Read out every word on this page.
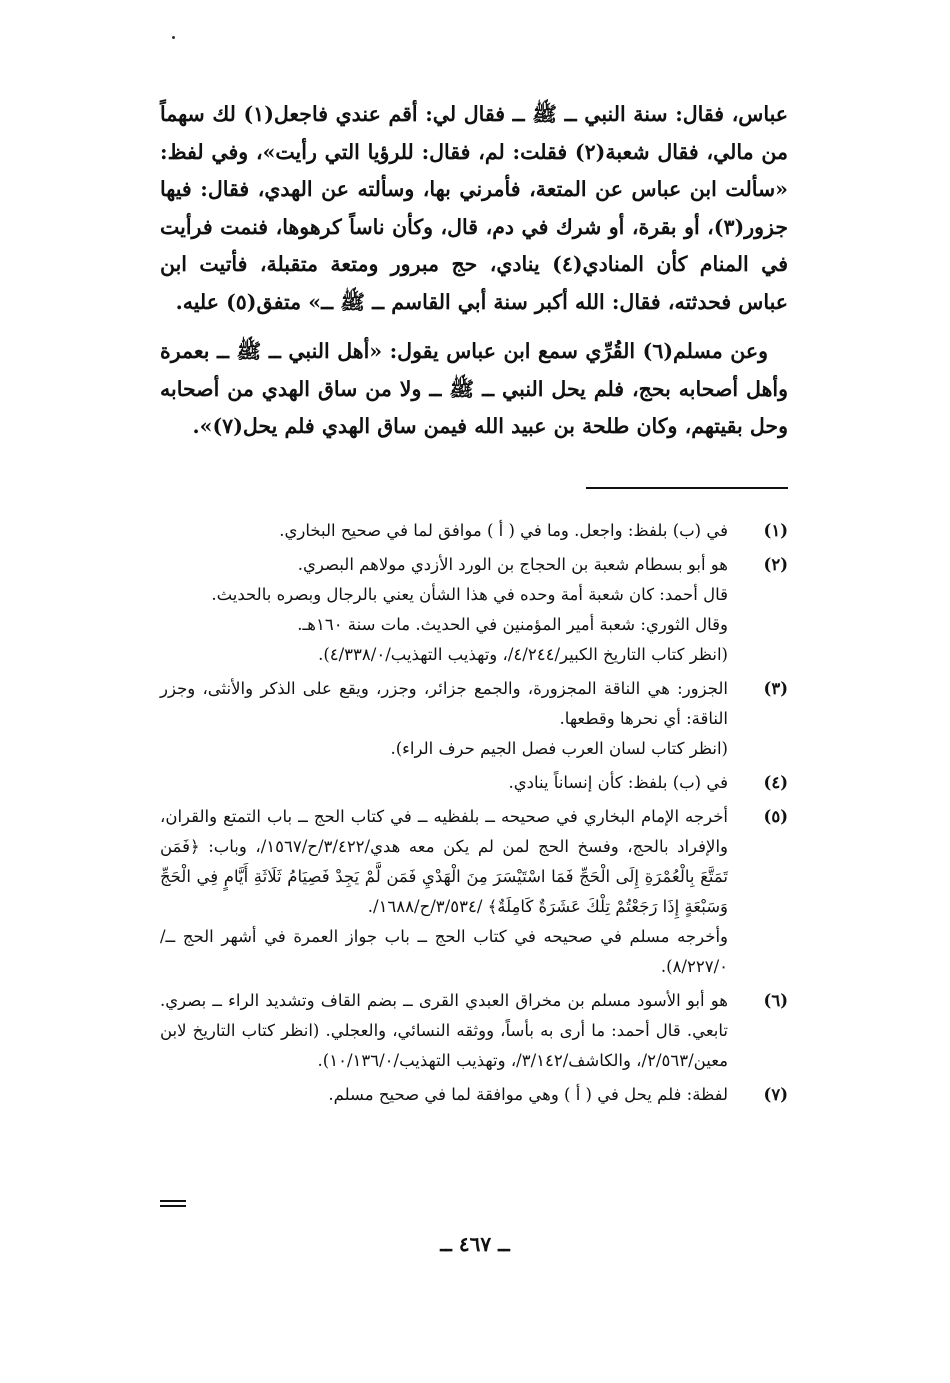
عباس، فقال: سنة النبي ــ ﷺ ــ فقال لي: أقم عندي فاجعل(١) لك سهماً من مالي، فقال شعبة(٢) فقلت: لم، فقال: للرؤيا التي رأيت»، وفي لفظ: «سألت ابن عباس عن المتعة، فأمرني بها، وسألته عن الهدي، فقال: فيها جزور(٣)، أو بقرة، أو شرك في دم، قال، وكأن ناساً كرهوها، فنمت فرأيت في المنام كأن المنادي(٤) ينادي، حج مبرور ومتعة متقبلة، فأتيت ابن عباس فحدثته، فقال: الله أكبر سنة أبي القاسم ــ ﷺ ــ» متفق(٥) عليه.

وعن مسلم(٦) القُرِّي سمع ابن عباس يقول: «أهل النبي ــ ﷺ ــ بعمرة وأهل أصحابه بحج، فلم يحل النبي ــ ﷺ ــ ولا من ساق الهدي من أصحابه وحل بقيتهم، وكان طلحة بن عبيد الله فيمن ساق الهدي فلم يحل(٧)».

(١)
في (ب) بلفظ: واجعل. وما في ( أ ) موافق لما في صحيح البخاري.
(٢)
هو أبو بسطام شعبة بن الحجاج بن الورد الأزدي مولاهم البصري.
قال أحمد: كان شعبة أمة وحده في هذا الشأن يعني بالرجال وبصره بالحديث.
وقال الثوري: شعبة أمير المؤمنين في الحديث. مات سنة ١٦٠هـ.
(انظر كتاب التاريخ الكبير/٤/٢٤٤/، وتهذيب التهذيب/٤/٣٣٨/٠).
(٣)
الجزور: هي الناقة المجزورة، والجمع جزائر، وجزر، ويقع على الذكر والأنثى، وجزر الناقة: أي نحرها وقطعها.
(انظر كتاب لسان العرب فصل الجيم حرف الراء).
(٤)
في (ب) بلفظ: كأن إنساناً ينادي.
(٥)
أخرجه الإمام البخاري في صحيحه ــ بلفظيه ــ في كتاب الحج ــ باب التمتع والقران، والإفراد بالحج، وفسخ الحج لمن لم يكن معه هدي/٣/٤٢٢/ح/١٥٦٧/، وباب: ﴿فَمَن تَمَتَّعَ بِالْعُمْرَةِ إِلَى الْحَجِّ فَمَا اسْتَيْسَرَ مِنَ الْهَدْيِ فَمَن لَّمْ يَجِدْ فَصِيَامُ ثَلَاثَةِ أَيَّامٍ فِي الْحَجِّ وَسَبْعَةٍ إِذَا رَجَعْتُمْ تِلْكَ عَشَرَةٌ كَامِلَةٌ﴾ /٣/٥٣٤/ح/١٦٨٨/.
وأخرجه مسلم في صحيحه في كتاب الحج ــ باب جواز العمرة في أشهر الحج ــ/٨/٢٢٧/٠).
(٦)
هو أبو الأسود مسلم بن مخراق العبدي القرى ــ بضم القاف وتشديد الراء ــ بصري. تابعي. قال أحمد: ما أرى به بأساً، ووثقه النسائي، والعجلي. (انظر كتاب التاريخ لابن معين/٢/٥٦٣/، والكاشف/٣/١٤٢/، وتهذيب التهذيب/١٠/١٣٦/٠).
(٧)
لفظة: فلم يحل في ( أ ) وهي موافقة لما في صحيح مسلم.
ــ ٤٦٧ ــ
